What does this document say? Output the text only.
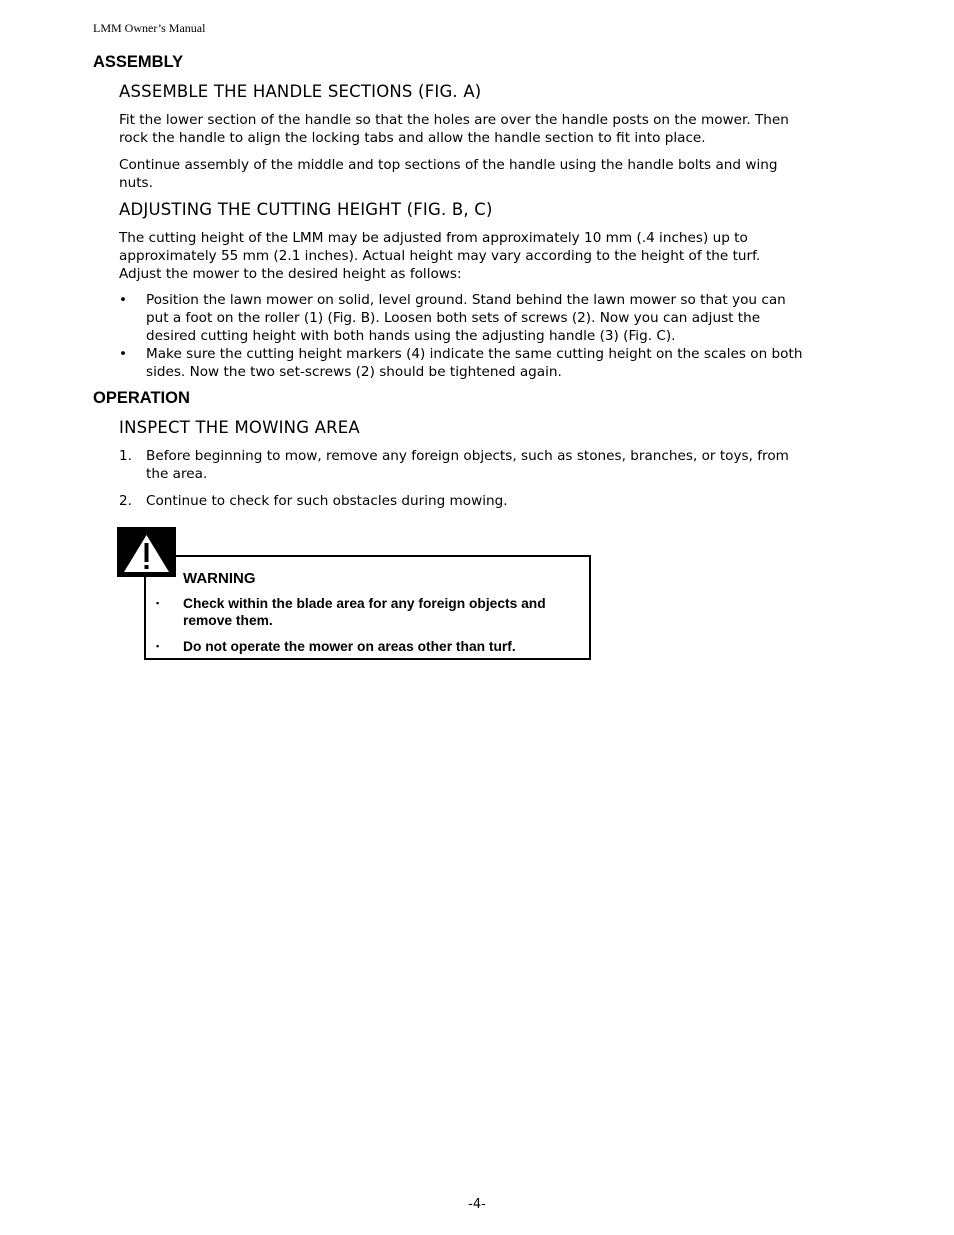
LMM Owner’s Manual
ASSEMBLY
ASSEMBLE THE HANDLE SECTIONS (FIG. A)
Fit the lower section of the handle so that the holes are over the handle posts on the mower. Then
rock the handle to align the locking tabs and allow the handle section to fit into place.
Continue assembly of the middle and top sections of the handle using the handle bolts and wing
nuts.
ADJUSTING THE CUTTING HEIGHT (FIG. B, C)
The cutting height of the LMM may be adjusted from approximately 10 mm (.4 inches) up to
approximately 55 mm (2.1 inches). Actual height may vary according to the height of the turf.
Adjust the mower to the desired height as follows:
• Position the lawn mower on solid, level ground. Stand behind the lawn mower so that you can
put a foot on the roller (1) (Fig. B). Loosen both sets of screws (2). Now you can adjust the
desired cutting height with both hands using the adjusting handle (3) (Fig. C).
• Make sure the cutting height markers (4) indicate the same cutting height on the scales on both
sides. Now the two set-screws (2) should be tightened again.
OPERATION
INSPECT THE MOWING AREA
1. Before beginning to mow, remove any foreign objects, such as stones, branches, or toys, from
the area.
2. Continue to check for such obstacles during mowing.
WARNING
▪ Check within the blade area for any foreign objects and
remove them.
▪ Do not operate the mower on areas other than turf.
-4-
